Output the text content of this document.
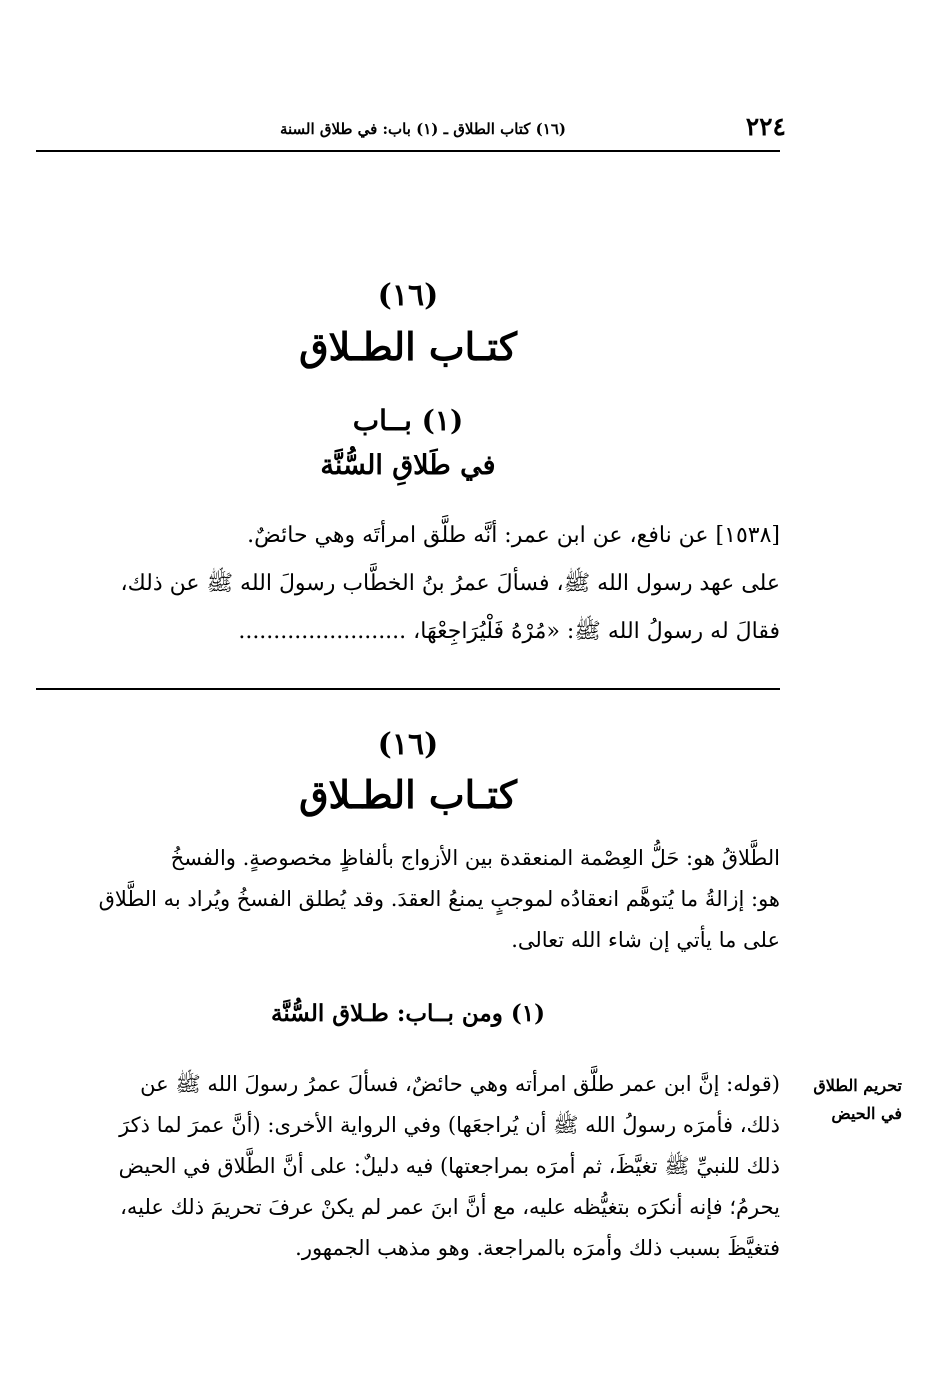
٢٢٤
(١٦) كتاب الطلاق ـ (١) باب: في طلاق السنة
(١٦)
كتـاب الطـلاق
(١) بــاب
في طَلاقِ السُّنَّة
[١٥٣٨] عن نافع، عن ابن عمر: أنَّه طلَّق امرأتَه وهي حائضٌ.
على عهد رسول الله ﷺ، فسألَ عمرُ بنُ الخطَّاب رسولَ الله ﷺ عن ذلك،
فقالَ له رسولُ الله ﷺ: «مُرْهُ فَلْيُرَاجِعْهَا، ........................
(١٦)
كتـاب الطـلاق
الطَّلاقُ هو: حَلُّ العِصْمة المنعقدة بين الأزواج بألفاظٍ مخصوصةٍ. والفسخُ
هو: إزالةُ ما يُتوهَّم انعقادُه لموجبٍ يمنعُ العقدَ. وقد يُطلق الفسخُ ويُراد به الطَّلاق
على ما يأتي إن شاء الله تعالى.
(١) ومن بــاب: طـلاق السُّنَّة
تحريم الطلاق
في الحيض
(قوله: إنَّ ابن عمر طلَّق امرأته وهي حائضٌ، فسألَ عمرُ رسولَ الله ﷺ عن
ذلك، فأمرَه رسولُ الله ﷺ أن يُراجعَها) وفي الرواية الأخرى: (أنَّ عمرَ لما ذكرَ
ذلك للنبيِّ ﷺ تغيَّظَ، ثم أمرَه بمراجعتها) فيه دليلٌ: على أنَّ الطَّلاق في الحيض
يحرمُ؛ فإنه أنكرَه بتغيُّظه عليه، مع أنَّ ابنَ عمر لم يكنْ عرفَ تحريمَ ذلك عليه،
فتغيَّظَ بسبب ذلك وأمرَه بالمراجعة. وهو مذهب الجمهور.
